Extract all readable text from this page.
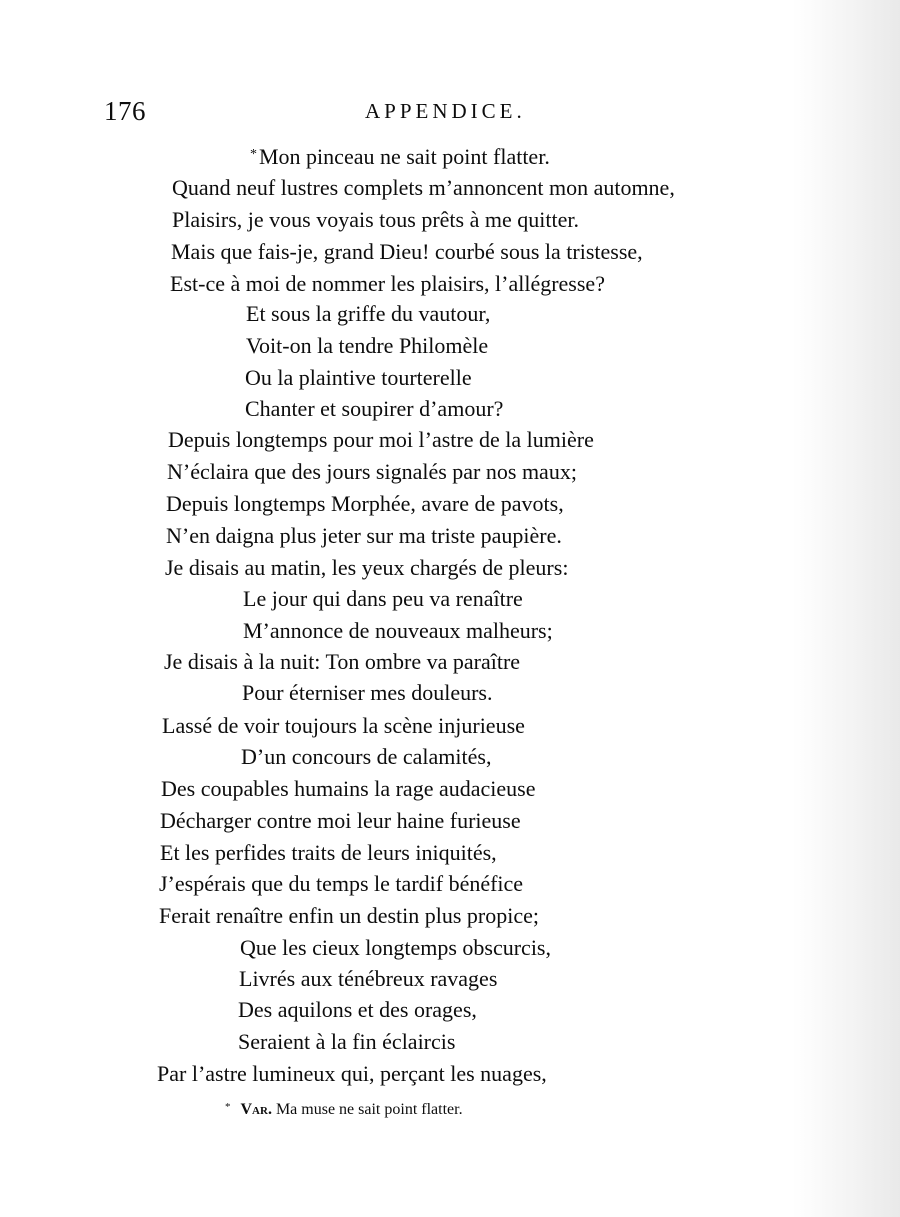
176	APPENDICE.
*Mon pinceau ne sait point flatter.
Quand neuf lustres complets m’annoncent mon automne,
Plaisirs, je vous voyais tous prêts à me quitter.
Mais que fais-je, grand Dieu! courbé sous la tristesse,
Est-ce à moi de nommer les plaisirs, l’allégresse?
Et sous la griffe du vautour,
Voit-on la tendre Philomèle
Ou la plaintive tourterelle
Chanter et soupirer d’amour?
Depuis longtemps pour moi l’astre de la lumière
N’éclaira que des jours signalés par nos maux;
Depuis longtemps Morphée, avare de pavots,
N’en daigna plus jeter sur ma triste paupière.
Je disais au matin, les yeux chargés de pleurs:
Le jour qui dans peu va renaître
M’annonce de nouveaux malheurs;
Je disais à la nuit: Ton ombre va paraître
Pour éterniser mes douleurs.
Lassé de voir toujours la scène injurieuse
D’un concours de calamités,
Des coupables humains la rage audacieuse
Décharger contre moi leur haine furieuse
Et les perfides traits de leurs iniquités,
J’espérais que du temps le tardif bénéfice
Ferait renaître enfin un destin plus propice;
Que les cieux longtemps obscurcis,
Livrés aux ténébreux ravages
Des aquilons et des orages,
Seraient à la fin éclaircis
Par l’astre lumineux qui, perçant les nuages,
* Var. Ma muse ne sait point flatter.
